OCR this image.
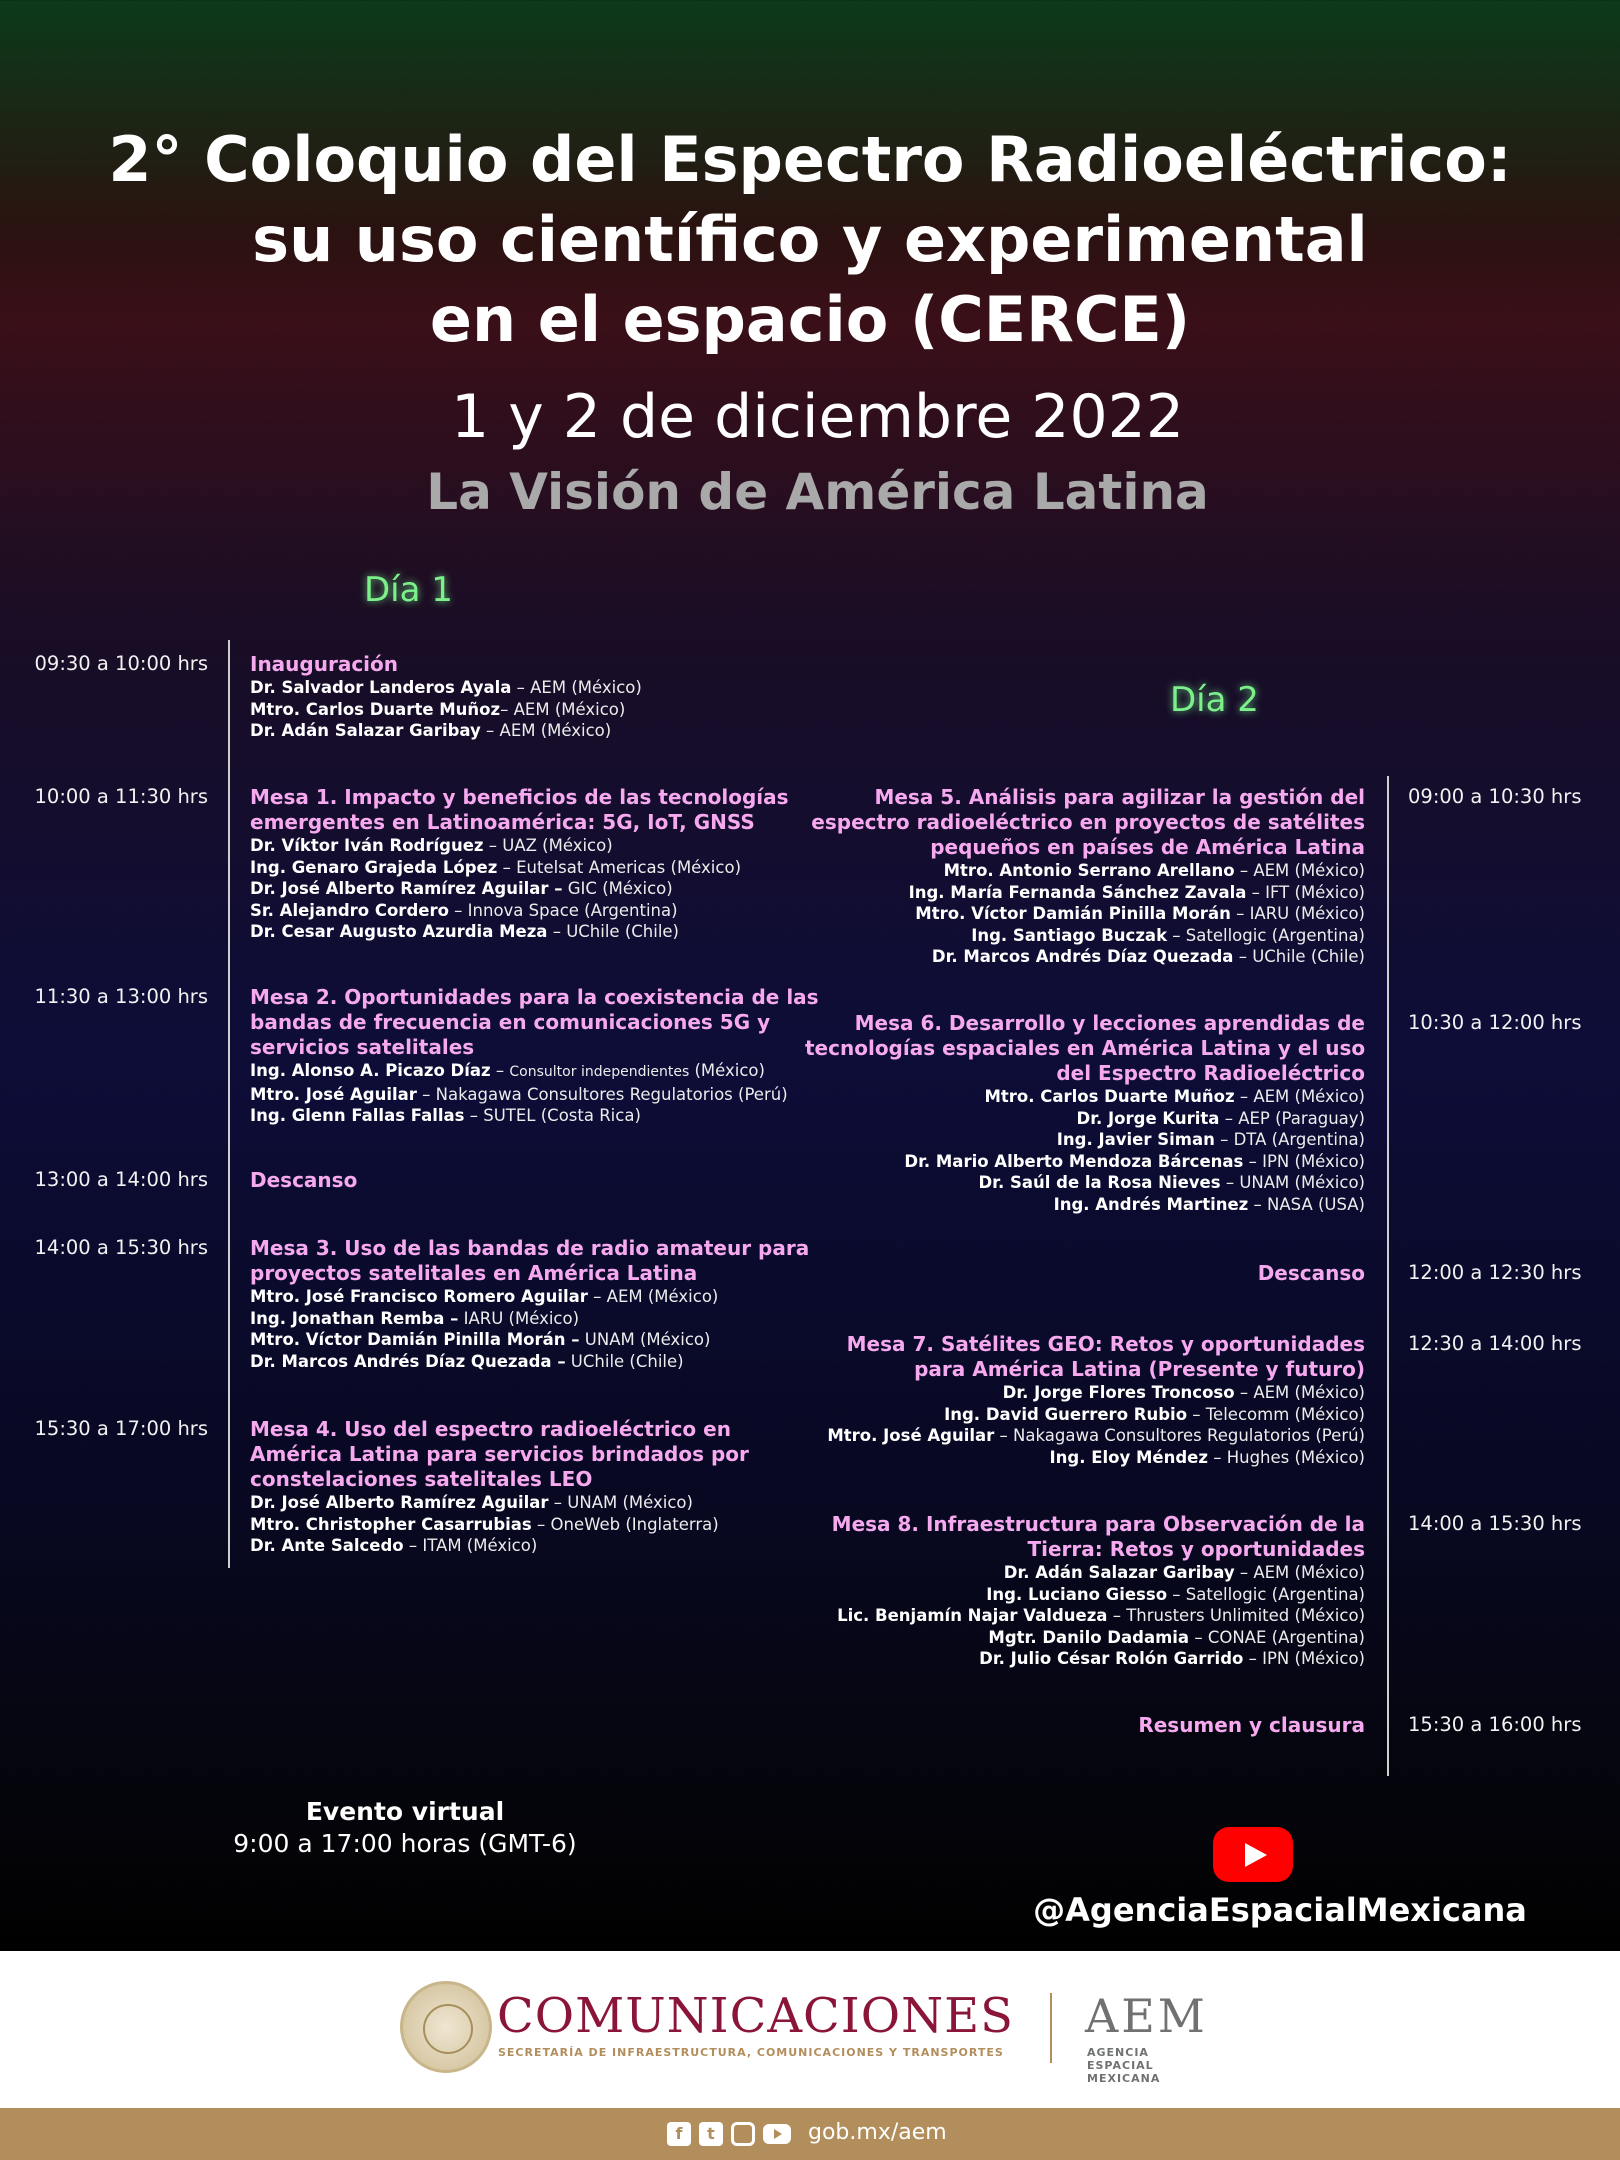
2° Coloquio del Espectro Radioeléctrico:
su uso científico y experimental
en el espacio (CERCE)
1 y 2 de diciembre 2022
La Visión de América Latina
Día 1
Día 2
09:30 a 10:00 hrs Inauguración
Dr. Salvador Landeros Ayala – AEM (México)
Mtro. Carlos Duarte Muñoz– AEM (México)
Dr. Adán Salazar Garibay – AEM (México)
10:00 a 11:30 hrs Mesa 1. Impacto y beneficios de las tecnologías
emergentes en Latinoamérica: 5G, IoT, GNSS
Dr. Víktor Iván Rodríguez – UAZ (México)
Ing. Genaro Grajeda López – Eutelsat Americas (México)
Dr. José Alberto Ramírez Aguilar – GIC (México)
Sr. Alejandro Cordero – Innova Space (Argentina)
Dr. Cesar Augusto Azurdia Meza – UChile (Chile)
11:30 a 13:00 hrs Mesa 2. Oportunidades para la coexistencia de las
bandas de frecuencia en comunicaciones 5G y
servicios satelitales
Ing. Alonso A. Picazo Díaz – Consultor independientes (México)
Mtro. José Aguilar – Nakagawa Consultores Regulatorios (Perú)
Ing. Glenn Fallas Fallas – SUTEL (Costa Rica)
13:00 a 14:00 hrs Descanso
14:00 a 15:30 hrs Mesa 3. Uso de las bandas de radio amateur para
proyectos satelitales en América Latina
Mtro. José Francisco Romero Aguilar – AEM (México)
Ing. Jonathan Remba – IARU (México)
Mtro. Víctor Damián Pinilla Morán – UNAM (México)
Dr. Marcos Andrés Díaz Quezada – UChile (Chile)
15:30 a 17:00 hrs Mesa 4. Uso del espectro radioeléctrico en
América Latina para servicios brindados por
constelaciones satelitales LEO
Dr. José Alberto Ramírez Aguilar – UNAM (México)
Mtro. Christopher Casarrubias – OneWeb (Inglaterra)
Dr. Ante Salcedo – ITAM (México)
09:00 a 10:30 hrs
Mesa 5. Análisis para agilizar la gestión del
espectro radioeléctrico en proyectos de satélites
pequeños en países de América Latina
Mtro. Antonio Serrano Arellano – AEM (México)
Ing. María Fernanda Sánchez Zavala – IFT (México)
Mtro. Víctor Damián Pinilla Morán – IARU (México)
Ing. Santiago Buczak – Satellogic (Argentina)
Dr. Marcos Andrés Díaz Quezada – UChile (Chile)
10:30 a 12:00 hrs
Mesa 6. Desarrollo y lecciones aprendidas de
tecnologías espaciales en América Latina y el uso
del Espectro Radioeléctrico
Mtro. Carlos Duarte Muñoz – AEM (México)
Dr. Jorge Kurita – AEP (Paraguay)
Ing. Javier Siman – DTA (Argentina)
Dr. Mario Alberto Mendoza Bárcenas – IPN (México)
Dr. Saúl de la Rosa Nieves – UNAM (México)
Ing. Andrés Martinez – NASA (USA)
12:00 a 12:30 hrs
Descanso
12:30 a 14:00 hrs
Mesa 7. Satélites GEO: Retos y oportunidades
para América Latina (Presente y futuro)
Dr. Jorge Flores Troncoso – AEM (México)
Ing. David Guerrero Rubio – Telecomm (México)
Mtro. José Aguilar – Nakagawa Consultores Regulatorios (Perú)
Ing. Eloy Méndez – Hughes (México)
14:00 a 15:30 hrs
Mesa 8. Infraestructura para Observación de la
Tierra: Retos y oportunidades
Dr. Adán Salazar Garibay – AEM (México)
Ing. Luciano Giesso – Satellogic (Argentina)
Lic. Benjamín Najar Valdueza – Thrusters Unlimited (México)
Mgtr. Danilo Dadamia – CONAE (Argentina)
Dr. Julio César Rolón Garrido – IPN (México)
15:30 a 16:00 hrs
Resumen y clausura
Evento virtual
9:00 a 17:00 horas (GMT-6)
@AgenciaEspacialMexicana
COMUNICACIONES
SECRETARÍA DE INFRAESTRUCTURA, COMUNICACIONES Y TRANSPORTES
AEM
AGENCIA ESPACIAL
MEXICANA
f	t	gob.mx/aem
